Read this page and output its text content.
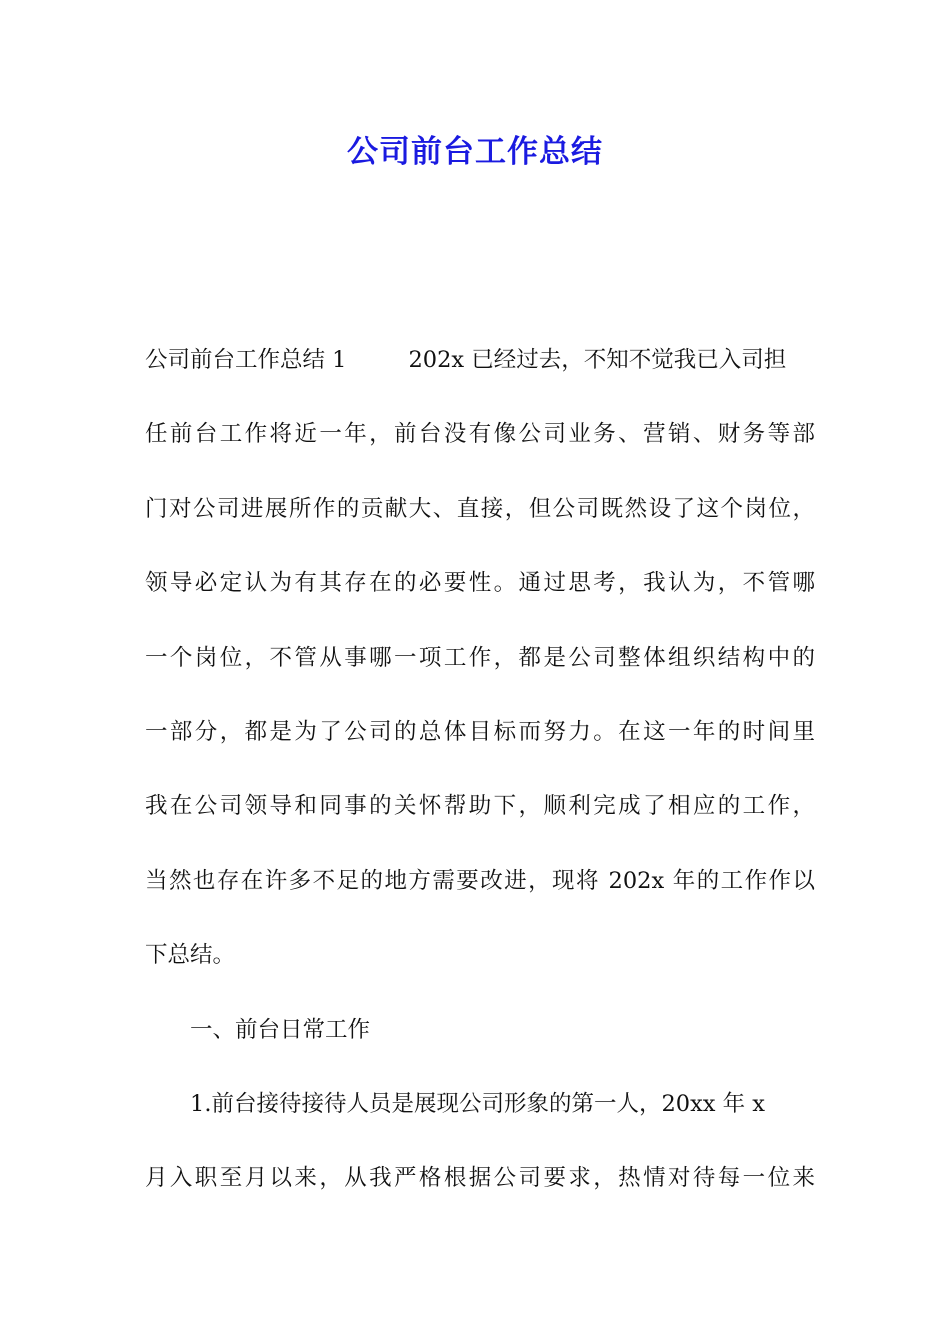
公司前台工作总结
公司前台工作总结 1	202x 已经过去，不知不觉我已入司担
任前台工作将近一年，前台没有像公司业务、营销、财务等部
门对公司进展所作的贡献大、直接，但公司既然设了这个岗位，
领导必定认为有其存在的必要性。通过思考，我认为，不管哪
一个岗位，不管从事哪一项工作，都是公司整体组织结构中的
一部分，都是为了公司的总体目标而努力。在这一年的时间里
我在公司领导和同事的关怀帮助下，顺利完成了相应的工作，
当然也存在许多不足的地方需要改进，现将 202x 年的工作作以
下总结。
一、前台日常工作
1.前台接待接待人员是展现公司形象的第一人，20xx 年 x
月入职至月以来，从我严格根据公司要求，热情对待每一位来
